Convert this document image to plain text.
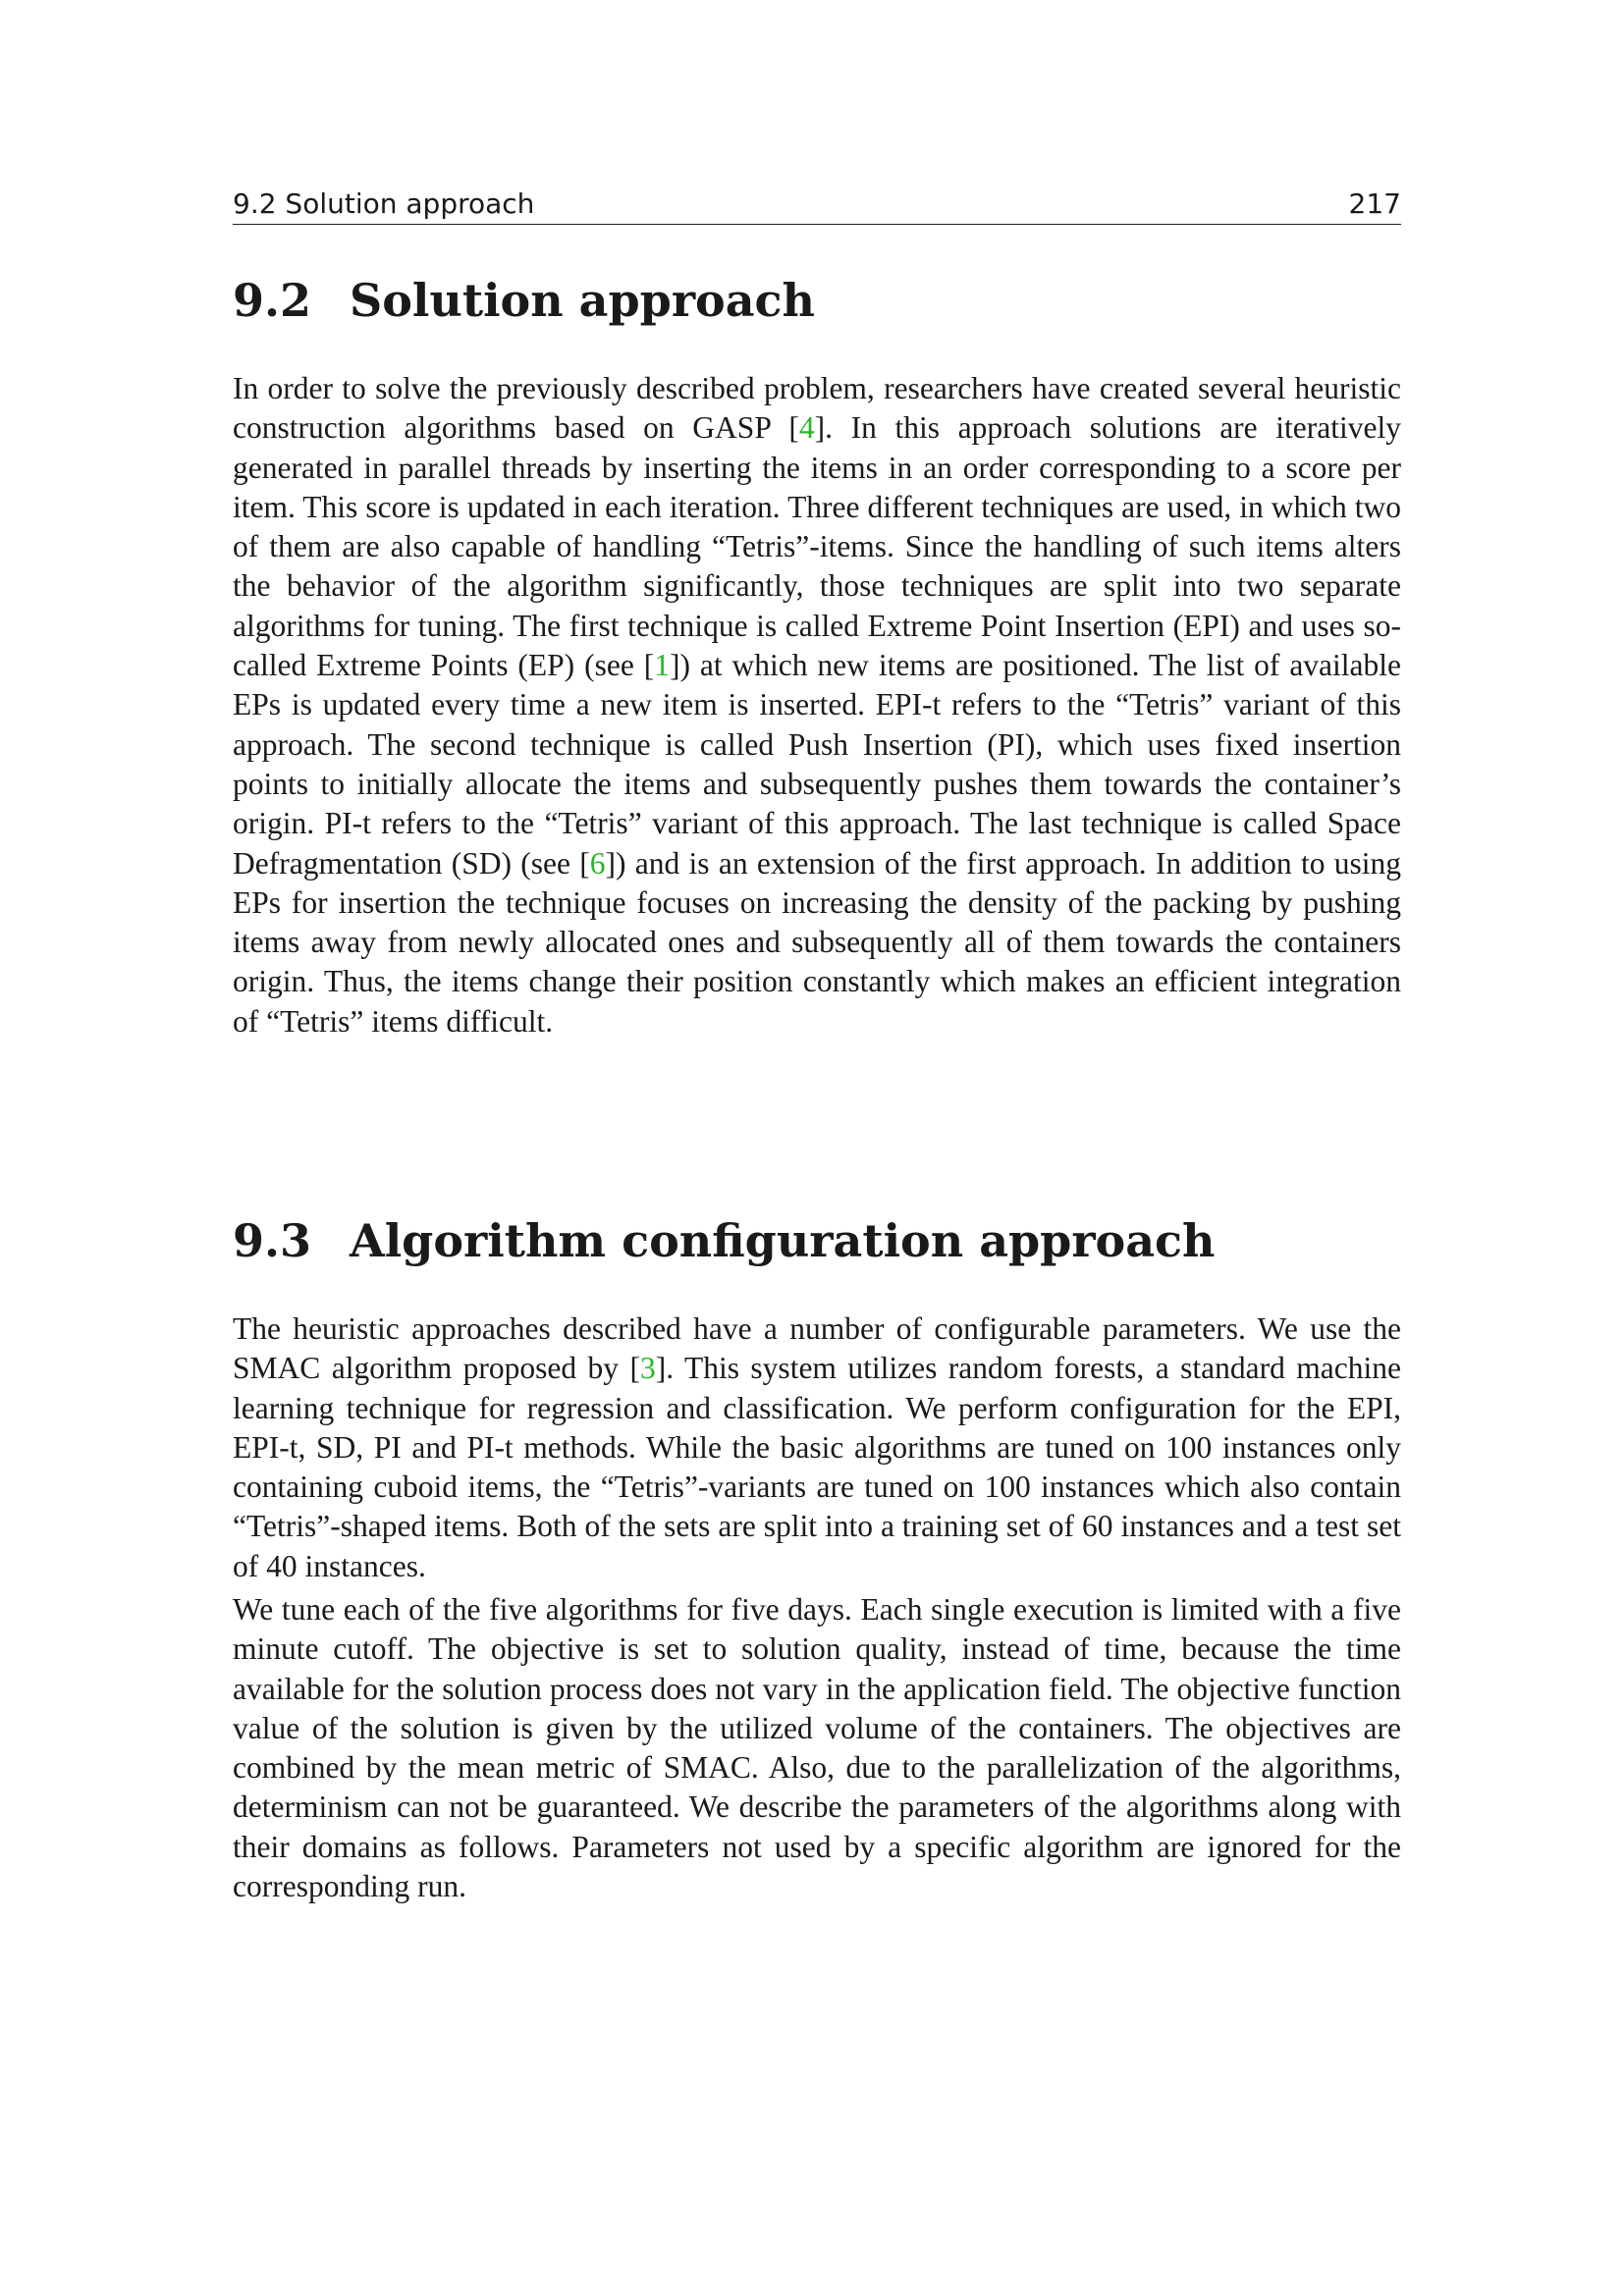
9.2 Solution approach	217
9.2 Solution approach

In order to solve the previously described problem, researchers have created several heuristic construction algorithms based on GASP [4]. In this approach solutions are iteratively generated in parallel threads by inserting the items in an order corresponding to a score per item. This score is updated in each iteration. Three different techniques are used, in which two of them are also capable of handling “Tetris”-items. Since the handling of such items alters the behavior of the algorithm significantly, those techniques are split into two separate algorithms for tuning. The first technique is called Extreme Point Insertion (EPI) and uses so-called Extreme Points (EP) (see [1]) at which new items are positioned. The list of available EPs is updated every time a new item is inserted. EPI-t refers to the “Tetris” variant of this approach. The second technique is called Push Insertion (PI), which uses fixed insertion points to initially allocate the items and subsequently pushes them towards the container’s origin. PI-t refers to the “Tetris” variant of this approach. The last technique is called Space Defragmentation (SD) (see [6]) and is an extension of the first approach. In addition to using EPs for insertion the technique focuses on increasing the density of the packing by pushing items away from newly allocated ones and subsequently all of them towards the containers origin. Thus, the items change their position constantly which makes an efficient integration of “Tetris” items difficult.

9.3 Algorithm configuration approach

The heuristic approaches described have a number of configurable parameters. We use the SMAC algorithm proposed by [3]. This system utilizes random forests, a standard machine learning technique for regression and classification. We perform configuration for the EPI, EPI-t, SD, PI and PI-t methods. While the basic algorithms are tuned on 100 instances only containing cuboid items, the “Tetris”-variants are tuned on 100 instances which also contain “Tetris”-shaped items. Both of the sets are split into a training set of 60 instances and a test set of 40 instances.

We tune each of the five algorithms for five days. Each single execution is limited with a five minute cutoff. The objective is set to solution quality, instead of time, because the time available for the solution process does not vary in the application field. The objective function value of the solution is given by the utilized volume of the containers. The objectives are combined by the mean metric of SMAC. Also, due to the parallelization of the algorithms, determinism can not be guaranteed. We describe the parameters of the algorithms along with their domains as follows. Parameters not used by a specific algorithm are ignored for the corresponding run.
